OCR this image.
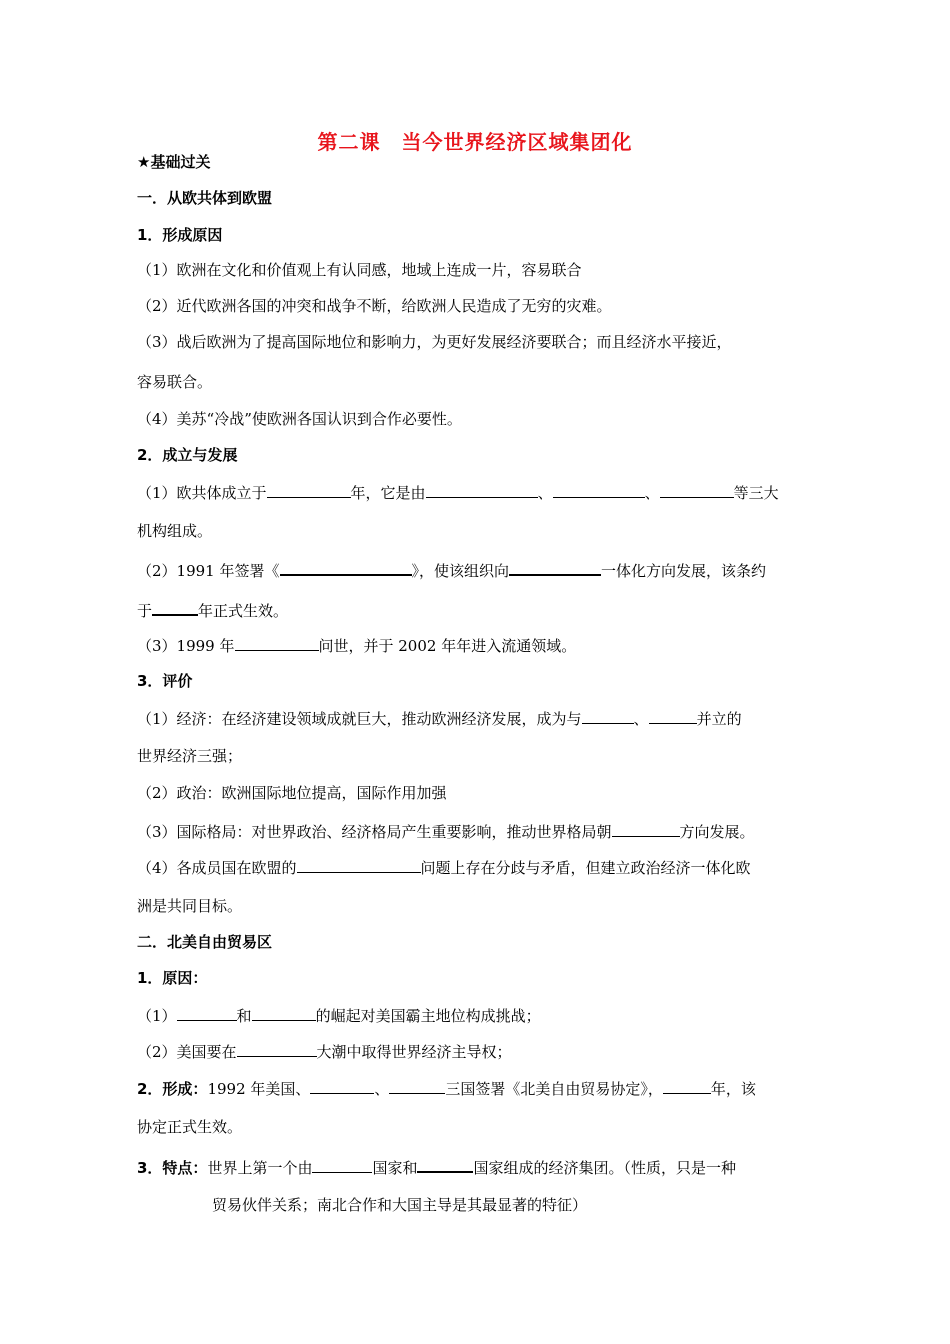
第二课　当今世界经济区域集团化
★基础过关
一．从欧共体到欧盟
1．形成原因
（1）欧洲在文化和价值观上有认同感，地域上连成一片，容易联合
（2）近代欧洲各国的冲突和战争不断，给欧洲人民造成了无穷的灾难。
（3）战后欧洲为了提高国际地位和影响力，为更好发展经济要联合；而且经济水平接近，
容易联合。
（4）美苏“冷战”使欧洲各国认识到合作必要性。
2．成立与发展
（1）欧共体成立于	年，它是由	、	、	等三大
机构组成。
（2）1991 年签署《	》，使该组织向	一体化方向发展，该条约
于	年正式生效。
（3）1999 年	问世，并于 2002 年年进入流通领域。
3．评价
（1）经济：在经济建设领域成就巨大，推动欧洲经济发展，成为与	、	并立的
世界经济三强；
（2）政治：欧洲国际地位提高，国际作用加强
（3）国际格局：对世界政治、经济格局产生重要影响，推动世界格局朝	方向发展。
（4）各成员国在欧盟的	问题上存在分歧与矛盾，但建立政治经济一体化欧
洲是共同目标。
二．北美自由贸易区
1．原因：
（1）	和	的崛起对美国霸主地位构成挑战；
（2）美国要在	大潮中取得世界经济主导权；
2．形成：1992 年美国、	、	三国签署《北美自由贸易协定》，	年，该
协定正式生效。
3．特点：世界上第一个由	国家和	国家组成的经济集团。（性质，只是一种
贸易伙伴关系；南北合作和大国主导是其最显著的特征）
